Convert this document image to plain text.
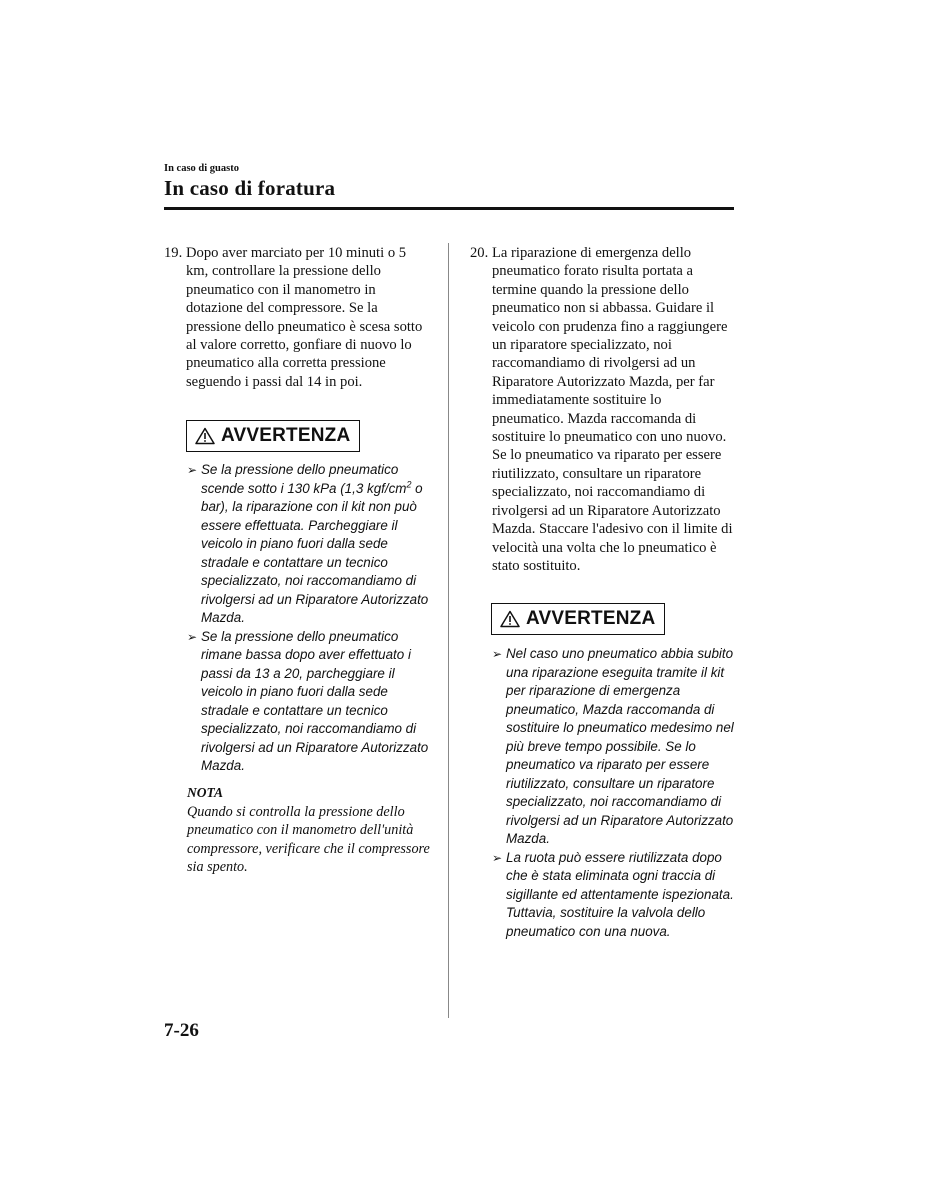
In caso di guasto
In caso di foratura
19. Dopo aver marciato per 10 minuti o 5 km, controllare la pressione dello pneumatico con il manometro in dotazione del compressore. Se la pressione dello pneumatico è scesa sotto al valore corretto, gonfiare di nuovo lo pneumatico alla corretta pressione seguendo i passi dal 14 in poi.
AVVERTENZA
➢ Se la pressione dello pneumatico scende sotto i 130 kPa (1,3 kgf/$cm^2$ o bar), la riparazione con il kit non può essere effettuata. Parcheggiare il veicolo in piano fuori dalla sede stradale e contattare un tecnico specializzato, noi raccomandiamo di rivolgersi ad un Riparatore Autorizzato Mazda.
➢ Se la pressione dello pneumatico rimane bassa dopo aver effettuato i passi da 13 a 20, parcheggiare il veicolo in piano fuori dalla sede stradale e contattare un tecnico specializzato, noi raccomandiamo di rivolgersi ad un Riparatore Autorizzato Mazda.
NOTA
Quando si controlla la pressione dello pneumatico con il manometro dell'unità compressore, verificare che il compressore sia spento.
20. La riparazione di emergenza dello pneumatico forato risulta portata a termine quando la pressione dello pneumatico non si abbassa. Guidare il veicolo con prudenza fino a raggiungere un riparatore specializzato, noi raccomandiamo di rivolgersi ad un Riparatore Autorizzato Mazda, per far immediatamente sostituire lo pneumatico. Mazda raccomanda di sostituire lo pneumatico con uno nuovo. Se lo pneumatico va riparato per essere riutilizzato, consultare un riparatore specializzato, noi raccomandiamo di rivolgersi ad un Riparatore Autorizzato Mazda. Staccare l'adesivo con il limite di velocità una volta che lo pneumatico è stato sostituito.
AVVERTENZA
➢ Nel caso uno pneumatico abbia subito una riparazione eseguita tramite il kit per riparazione di emergenza pneumatico, Mazda raccomanda di sostituire lo pneumatico medesimo nel più breve tempo possibile. Se lo pneumatico va riparato per essere riutilizzato, consultare un riparatore specializzato, noi raccomandiamo di rivolgersi ad un Riparatore Autorizzato Mazda.
➢ La ruota può essere riutilizzata dopo che è stata eliminata ogni traccia di sigillante ed attentamente ispezionata. Tuttavia, sostituire la valvola dello pneumatico con una nuova.
7-26
